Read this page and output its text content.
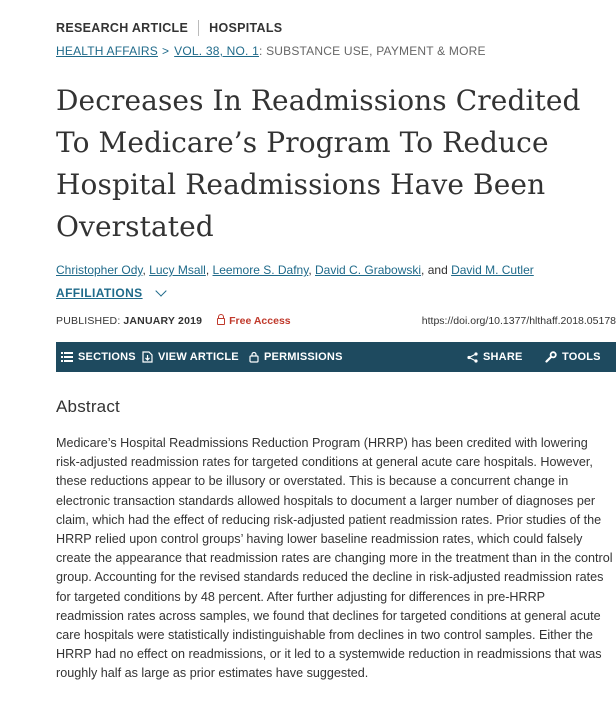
RESEARCH ARTICLE HOSPITALS
HEALTH AFFAIRS > VOL. 38, NO. 1: SUBSTANCE USE, PAYMENT & MORE
Decreases In Readmissions Credited To Medicare’s Program To Reduce Hospital Readmissions Have Been Overstated
Christopher Ody, Lucy Msall, Leemore S. Dafny, David C. Grabowski, and David M. Cutler
AFFILIATIONS
PUBLISHED: JANUARY 2019	Free Access	https://doi.org/10.1377/hlthaff.2018.05178
SECTIONS VIEW ARTICLE PERMISSIONS	SHARE	TOOLS
Abstract

Medicare’s Hospital Readmissions Reduction Program (HRRP) has been credited with lowering risk-adjusted readmission rates for targeted conditions at general acute care hospitals. However, these reductions appear to be illusory or overstated. This is because a concurrent change in electronic transaction standards allowed hospitals to document a larger number of diagnoses per claim, which had the effect of reducing risk-adjusted patient readmission rates. Prior studies of the HRRP relied upon control groups’ having lower baseline readmission rates, which could falsely create the appearance that readmission rates are changing more in the treatment than in the control group. Accounting for the revised standards reduced the decline in risk-adjusted readmission rates for targeted conditions by 48 percent. After further adjusting for differences in pre-HRRP readmission rates across samples, we found that declines for targeted conditions at general acute care hospitals were statistically indistinguishable from declines in two control samples. Either the HRRP had no effect on readmissions, or it led to a systemwide reduction in readmissions that was roughly half as large as prior estimates have suggested.
